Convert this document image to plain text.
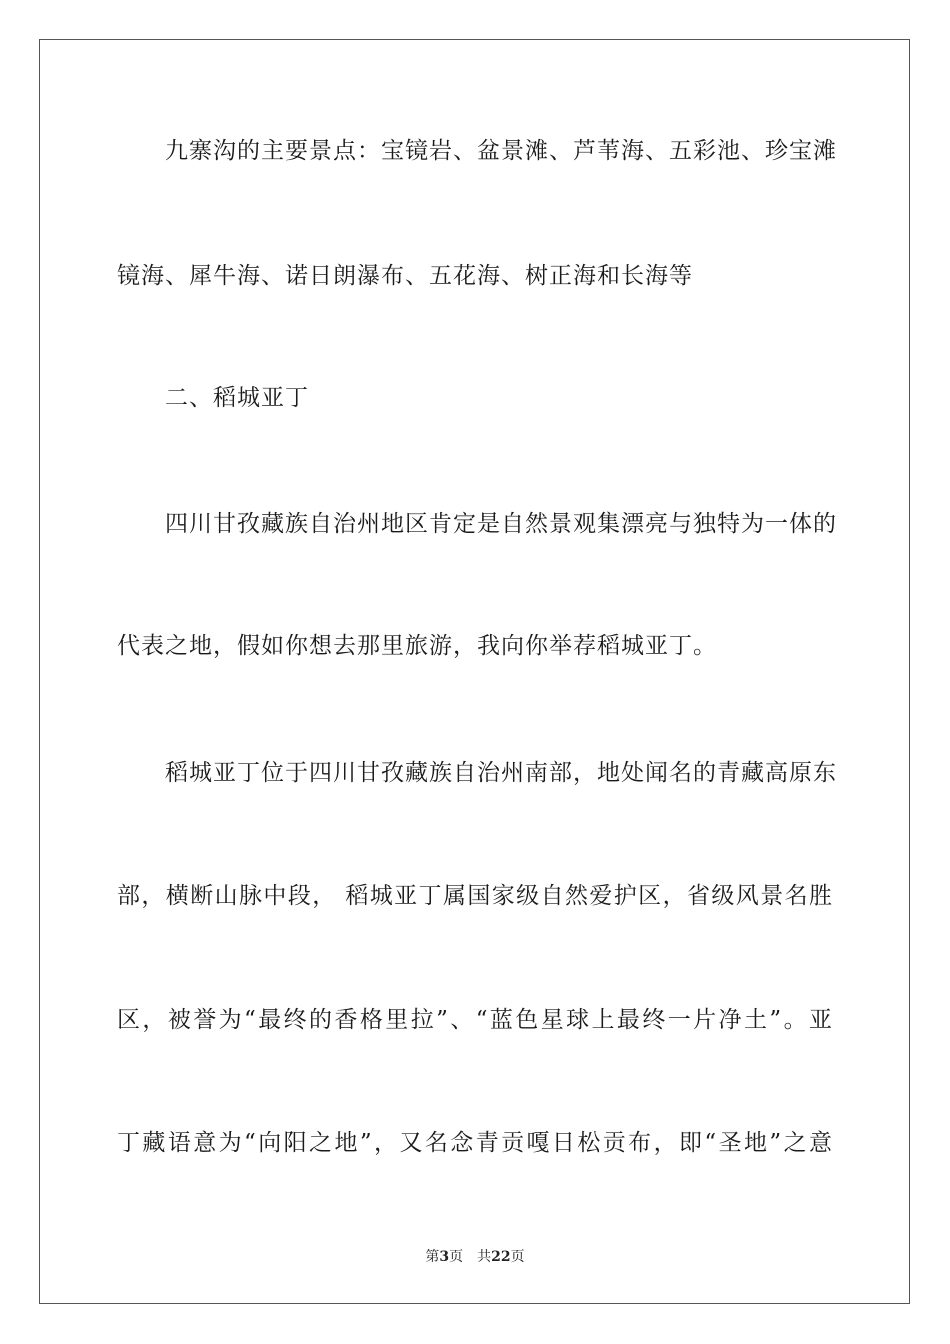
九寨沟的主要景点：宝镜岩、盆景滩、芦苇海、五彩池、珍宝滩
镜海、犀牛海、诺日朗瀑布、五花海、树正海和长海等
二、稻城亚丁
四川甘孜藏族自治州地区肯定是自然景观集漂亮与独特为一体的
代表之地，假如你想去那里旅游，我向你举荐稻城亚丁。
稻城亚丁位于四川甘孜藏族自治州南部，地处闻名的青藏高原东
部，横断山脉中段， 稻城亚丁属国家级自然爱护区，省级风景名胜
区，被誉为“最终的香格里拉”、“蓝色星球上最终一片净土”。亚
丁藏语意为“向阳之地”，又名念青贡嘎日松贡布，即“圣地”之意
第3页 共22页
